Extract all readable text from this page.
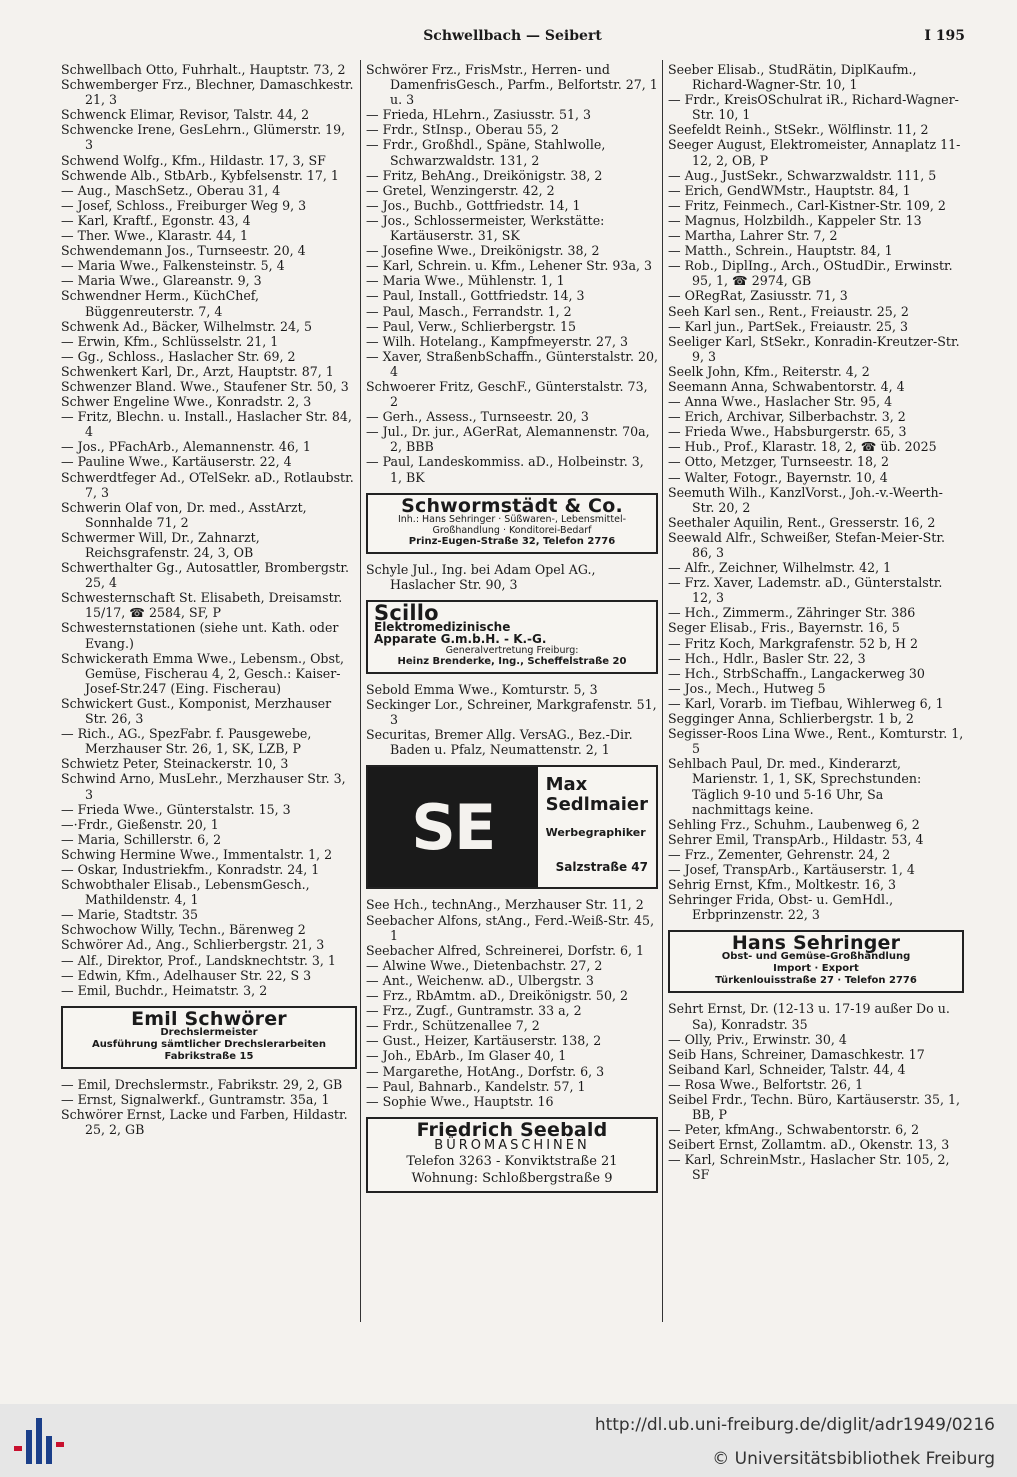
Schwellbach — Seibert	I 195

Schwellbach Otto, Fuhrhalt., Hauptstr. 73, 2

Schwemberger Frz., Blechner, Damaschkestr. 21, 3

Schwenck Elimar, Revisor, Talstr. 44, 2

Schwencke Irene, GesLehrn., Glümerstr. 19, 3

Schwend Wolfg., Kfm., Hildastr. 17, 3, SF

Schwende Alb., StbArb., Kybfelsenstr. 17, 1

— Aug., MaschSetz., Oberau 31, 4

— Josef, Schloss., Freiburger Weg 9, 3

— Karl, Kraftf., Egonstr. 43, 4

— Ther. Wwe., Klarastr. 44, 1

Schwendemann Jos., Turnseestr. 20, 4

— Maria Wwe., Falkensteinstr. 5, 4

— Maria Wwe., Glareanstr. 9, 3

Schwendner Herm., KüchChef, Büggenreuterstr. 7, 4

Schwenk Ad., Bäcker, Wilhelmstr. 24, 5

— Erwin, Kfm., Schlüsselstr. 21, 1

— Gg., Schloss., Haslacher Str. 69, 2

Schwenkert Karl, Dr., Arzt, Hauptstr. 87, 1

Schwenzer Bland. Wwe., Staufener Str. 50, 3

Schwer Engeline Wwe., Konradstr. 2, 3

— Fritz, Blechn. u. Install., Haslacher Str. 84, 4

— Jos., PFachArb., Alemannenstr. 46, 1

— Pauline Wwe., Kartäuserstr. 22, 4

Schwerdtfeger Ad., OTelSekr. aD., Rotlaubstr. 7, 3

Schwerin Olaf von, Dr. med., AsstArzt, Sonnhalde 71, 2

Schwermer Will, Dr., Zahnarzt, Reichsgrafenstr. 24, 3, OB

Schwerthalter Gg., Autosattler, Brombergstr. 25, 4

Schwesternschaft St. Elisabeth, Dreisamstr. 15/17, ☎ 2584, SF, P

Schwesternstationen (siehe unt. Kath. oder Evang.)

Schwickerath Emma Wwe., Lebensm., Obst, Gemüse, Fischerau 4, 2, Gesch.: Kaiser-Josef-Str.247 (Eing. Fischerau)

Schwickert Gust., Komponist, Merzhauser Str. 26, 3

— Rich., AG., SpezFabr. f. Pausgewebe, Merzhauser Str. 26, 1, SK, LZB, P

Schwietz Peter, Steinackerstr. 10, 3

Schwind Arno, MusLehr., Merzhauser Str. 3, 3

— Frieda Wwe., Günterstalstr. 15, 3

—·Frdr., Gießenstr. 20, 1

— Maria, Schillerstr. 6, 2

Schwing Hermine Wwe., Immentalstr. 1, 2

— Oskar, Industriekfm., Konradstr. 24, 1

Schwobthaler Elisab., LebensmGesch., Mathildenstr. 4, 1

— Marie, Stadtstr. 35

Schwochow Willy, Techn., Bärenweg 2

Schwörer Ad., Ang., Schlierbergstr. 21, 3

— Alf., Direktor, Prof., Landsknechtstr. 3, 1

— Edwin, Kfm., Adelhauser Str. 22, S 3

— Emil, Buchdr., Heimatstr. 3, 2

Emil Schwörer
Drechslermeister
Ausführung sämtlicher Drechslerarbeiten
Fabrikstraße 15

— Emil, Drechslermstr., Fabrikstr. 29, 2, GB

— Ernst, Signalwerkf., Guntramstr. 35a, 1

Schwörer Ernst, Lacke und Farben, Hildastr. 25, 2, GB

Schwörer Frz., FrisMstr., Herren- und DamenfrisGesch., Parfm., Belfortstr. 27, 1 u. 3

— Frieda, HLehrn., Zasiusstr. 51, 3

— Frdr., StInsp., Oberau 55, 2

— Frdr., Großhdl., Späne, Stahlwolle, Schwarzwaldstr. 131, 2

— Fritz, BehAng., Dreikönigstr. 38, 2

— Gretel, Wenzingerstr. 42, 2

— Jos., Buchb., Gottfriedstr. 14, 1

— Jos., Schlossermeister, Werkstätte: Kartäuserstr. 31, SK

— Josefine Wwe., Dreikönigstr. 38, 2

— Karl, Schrein. u. Kfm., Lehener Str. 93a, 3

— Maria Wwe., Mühlenstr. 1, 1

— Paul, Install., Gottfriedstr. 14, 3

— Paul, Masch., Ferrandstr. 1, 2

— Paul, Verw., Schlierbergstr. 15

— Wilh. Hotelang., Kampfmeyerstr. 27, 3

— Xaver, StraßenbSchaffn., Günterstalstr. 20, 4

Schwoerer Fritz, GeschF., Günterstalstr. 73, 2

— Gerh., Assess., Turnseestr. 20, 3

— Jul., Dr. jur., AGerRat, Alemannenstr. 70a, 2, BBB

— Paul, Landeskommiss. aD., Holbeinstr. 3, 1, BK

Schwormstädt & Co.
Inh.: Hans Sehringer · Süßwaren-, Lebensmittel-Großhandlung · Konditorei-Bedarf
Prinz-Eugen-Straße 32, Telefon 2776

Schyle Jul., Ing. bei Adam Opel AG., Haslacher Str. 90, 3

Scillo
Elektromedizinische
Apparate G.m.b.H. - K.-G.
Generalvertretung Freiburg:
Heinz Brenderke, Ing., Scheffelstraße 20

Sebold Emma Wwe., Komturstr. 5, 3

Seckinger Lor., Schreiner, Markgrafenstr. 51, 3

Securitas, Bremer Allg. VersAG., Bez.-Dir. Baden u. Pfalz, Neumattenstr. 2, 1

SE
Max
Sedlmaier
Werbegraphiker
Salzstraße 47

See Hch., technAng., Merzhauser Str. 11, 2

Seebacher Alfons, stAng., Ferd.-Weiß-Str. 45, 1

Seebacher Alfred, Schreinerei, Dorfstr. 6, 1

— Alwine Wwe., Dietenbachstr. 27, 2

— Ant., Weichenw. aD., Ulbergstr. 3

— Frz., RbAmtm. aD., Dreikönigstr. 50, 2

— Frz., Zugf., Guntramstr. 33 a, 2

— Frdr., Schützenallee 7, 2

— Gust., Heizer, Kartäuserstr. 138, 2

— Joh., EbArb., Im Glaser 40, 1

— Margarethe, HotAng., Dorfstr. 6, 3

— Paul, Bahnarb., Kandelstr. 57, 1

— Sophie Wwe., Hauptstr. 16

Friedrich Seebald
BÜROMASCHINEN
Telefon 3263 - Konviktstraße 21
Wohnung: Schloßbergstraße 9

Seeber Elisab., StudRätin, DiplKaufm., Richard-Wagner-Str. 10, 1

— Frdr., KreisOSchulrat iR., Richard-Wagner-Str. 10, 1

Seefeldt Reinh., StSekr., Wölflinstr. 11, 2

Seeger August, Elektromeister, Annaplatz 11-12, 2, OB, P

— Aug., JustSekr., Schwarzwaldstr. 111, 5

— Erich, GendWMstr., Hauptstr. 84, 1

— Fritz, Feinmech., Carl-Kistner-Str. 109, 2

— Magnus, Holzbildh., Kappeler Str. 13

— Martha, Lahrer Str. 7, 2

— Matth., Schrein., Hauptstr. 84, 1

— Rob., DiplIng., Arch., OStudDir., Erwinstr. 95, 1, ☎ 2974, GB

— ORegRat, Zasiusstr. 71, 3

Seeh Karl sen., Rent., Freiaustr. 25, 2

— Karl jun., PartSek., Freiaustr. 25, 3

Seeliger Karl, StSekr., Konradin-Kreutzer-Str. 9, 3

Seelk John, Kfm., Reiterstr. 4, 2

Seemann Anna, Schwabentorstr. 4, 4

— Anna Wwe., Haslacher Str. 95, 4

— Erich, Archivar, Silberbachstr. 3, 2

— Frieda Wwe., Habsburgerstr. 65, 3

— Hub., Prof., Klarastr. 18, 2, ☎ üb. 2025

— Otto, Metzger, Turnseestr. 18, 2

— Walter, Fotogr., Bayernstr. 10, 4

Seemuth Wilh., KanzlVorst., Joh.-v.-Weerth-Str. 20, 2

Seethaler Aquilin, Rent., Gresserstr. 16, 2

Seewald Alfr., Schweißer, Stefan-Meier-Str. 86, 3

— Alfr., Zeichner, Wilhelmstr. 42, 1

— Frz. Xaver, Lademstr. aD., Günterstalstr. 12, 3

— Hch., Zimmerm., Zähringer Str. 386

Seger Elisab., Fris., Bayernstr. 16, 5

— Fritz Koch, Markgrafenstr. 52 b, H 2

— Hch., Hdlr., Basler Str. 22, 3

— Hch., StrbSchaffn., Langackerweg 30

— Jos., Mech., Hutweg 5

— Karl, Vorarb. im Tiefbau, Wihlerweg 6, 1

Segginger Anna, Schlierbergstr. 1 b, 2

Segisser-Roos Lina Wwe., Rent., Komturstr. 1, 5

Sehlbach Paul, Dr. med., Kinderarzt, Marienstr. 1, 1, SK, Sprechstunden: Täglich 9-10 und 5-16 Uhr, Sa nachmittags keine.

Sehling Frz., Schuhm., Laubenweg 6, 2

Sehrer Emil, TranspArb., Hildastr. 53, 4

— Frz., Zementer, Gehrenstr. 24, 2

— Josef, TranspArb., Kartäuserstr. 1, 4

Sehrig Ernst, Kfm., Moltkestr. 16, 3

Sehringer Frida, Obst- u. GemHdl., Erbprinzenstr. 22, 3

Hans Sehringer
Obst- und Gemüse-Großhandlung
Import · Export
Türkenlouisstraße 27 · Telefon 2776

Sehrt Ernst, Dr. (12-13 u. 17-19 außer Do u. Sa), Konradstr. 35

— Olly, Priv., Erwinstr. 30, 4

Seib Hans, Schreiner, Damaschkestr. 17

Seiband Karl, Schneider, Talstr. 44, 4

— Rosa Wwe., Belfortstr. 26, 1

Seibel Frdr., Techn. Büro, Kartäuserstr. 35, 1, BB, P

— Peter, kfmAng., Schwabentorstr. 6, 2

Seibert Ernst, Zollamtm. aD., Okenstr. 13, 3

— Karl, SchreinMstr., Haslacher Str. 105, 2, SF

http://dl.ub.uni-freiburg.de/diglit/adr1949/0216
© Universitätsbibliothek Freiburg
